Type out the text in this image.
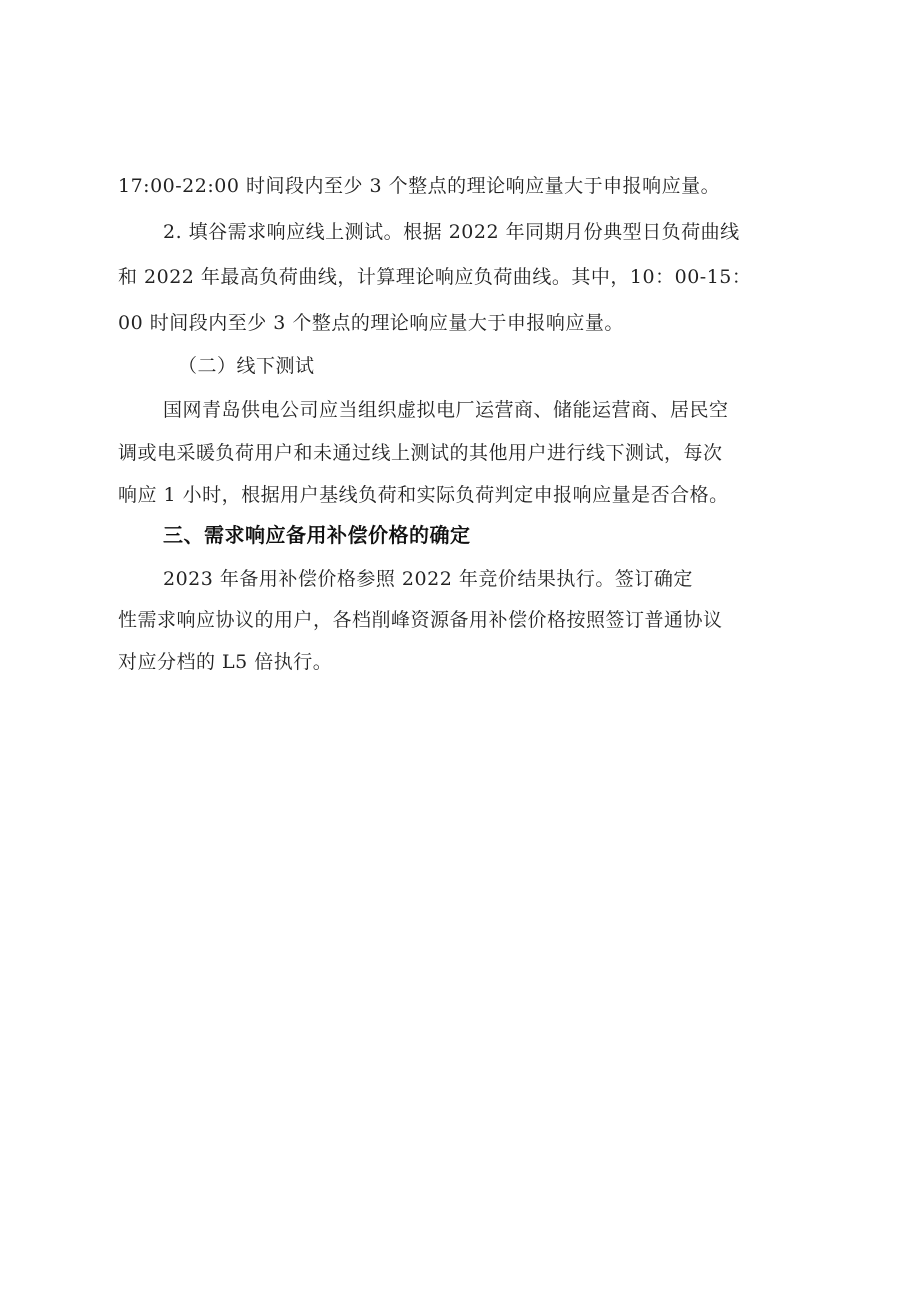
17:00-22:00 时间段内至少 3 个整点的理论响应量大于申报响应量。
2. 填谷需求响应线上测试。根据 2022 年同期月份典型日负荷曲线
和 2022 年最高负荷曲线，计算理论响应负荷曲线。其中，10：00-15：
00 时间段内至少 3 个整点的理论响应量大于申报响应量。
（二）线下测试
国网青岛供电公司应当组织虚拟电厂运营商、储能运营商、居民空
调或电采暖负荷用户和未通过线上测试的其他用户进行线下测试，每次
响应 1 小时，根据用户基线负荷和实际负荷判定申报响应量是否合格。
三、需求响应备用补偿价格的确定
2023 年备用补偿价格参照 2022 年竞价结果执行。签订确定
性需求响应协议的用户，各档削峰资源备用补偿价格按照签订普通协议
对应分档的 L5 倍执行。
